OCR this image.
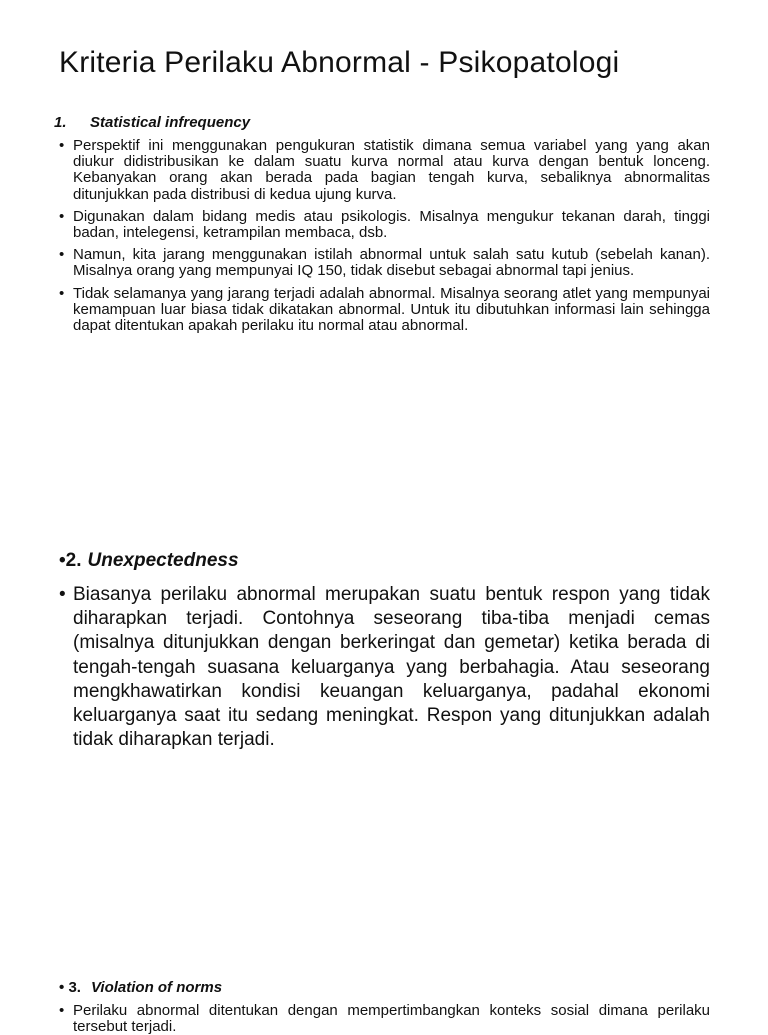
Kriteria Perilaku Abnormal - Psikopatologi
1. Statistical infrequency
• Perspektif ini menggunakan pengukuran statistik dimana semua variabel yang yang akan diukur didistribusikan ke dalam suatu kurva normal atau kurva dengan bentuk lonceng. Kebanyakan orang akan berada pada bagian tengah kurva, sebaliknya abnormalitas ditunjukkan pada distribusi di kedua ujung kurva.
• Digunakan dalam bidang medis atau psikologis. Misalnya mengukur tekanan darah, tinggi badan, intelegensi, ketrampilan membaca, dsb.
• Namun, kita jarang menggunakan istilah abnormal untuk salah satu kutub (sebelah kanan). Misalnya orang yang mempunyai IQ 150, tidak disebut sebagai abnormal tapi jenius.
• Tidak selamanya yang jarang terjadi adalah abnormal. Misalnya seorang atlet yang mempunyai kemampuan luar biasa tidak dikatakan abnormal. Untuk itu dibutuhkan informasi lain sehingga dapat ditentukan apakah perilaku itu normal atau abnormal.
•2. Unexpectedness
• Biasanya perilaku abnormal merupakan suatu bentuk respon yang tidak diharapkan terjadi. Contohnya seseorang tiba-tiba menjadi cemas (misalnya ditunjukkan dengan berkeringat dan gemetar) ketika berada di tengah-tengah suasana keluarganya yang berbahagia. Atau seseorang mengkhawatirkan kondisi keuangan keluarganya, padahal ekonomi keluarganya saat itu sedang meningkat. Respon yang ditunjukkan adalah tidak diharapkan terjadi.
• 3. Violation of norms
• Perilaku abnormal ditentukan dengan mempertimbangkan konteks sosial dimana perilaku tersebut terjadi.
